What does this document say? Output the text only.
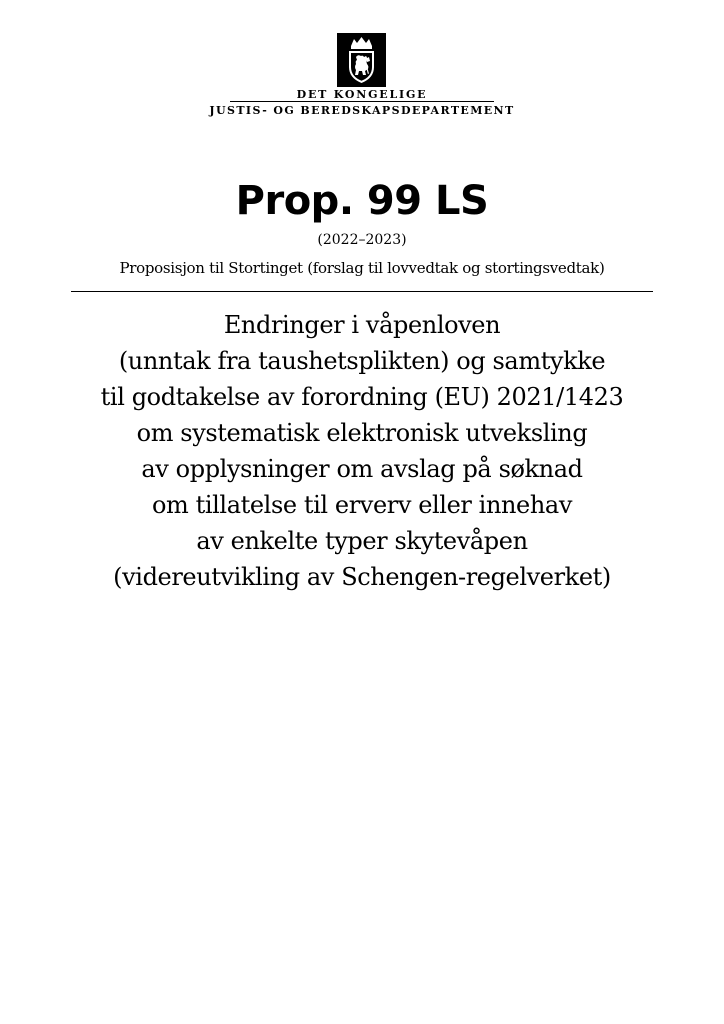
DET KONGELIGE
JUSTIS- OG BEREDSKAPSDEPARTEMENT
Prop. 99 LS
(2022–2023)
Proposisjon til Stortinget (forslag til lovvedtak og stortingsvedtak)
Endringer i våpenloven
(unntak fra taushetsplikten) og samtykke
til godtakelse av forordning (EU) 2021/1423
om systematisk elektronisk utveksling
av opplysninger om avslag på søknad
om tillatelse til erverv eller innehav
av enkelte typer skytevåpen
(videreutvikling av Schengen-regelverket)
